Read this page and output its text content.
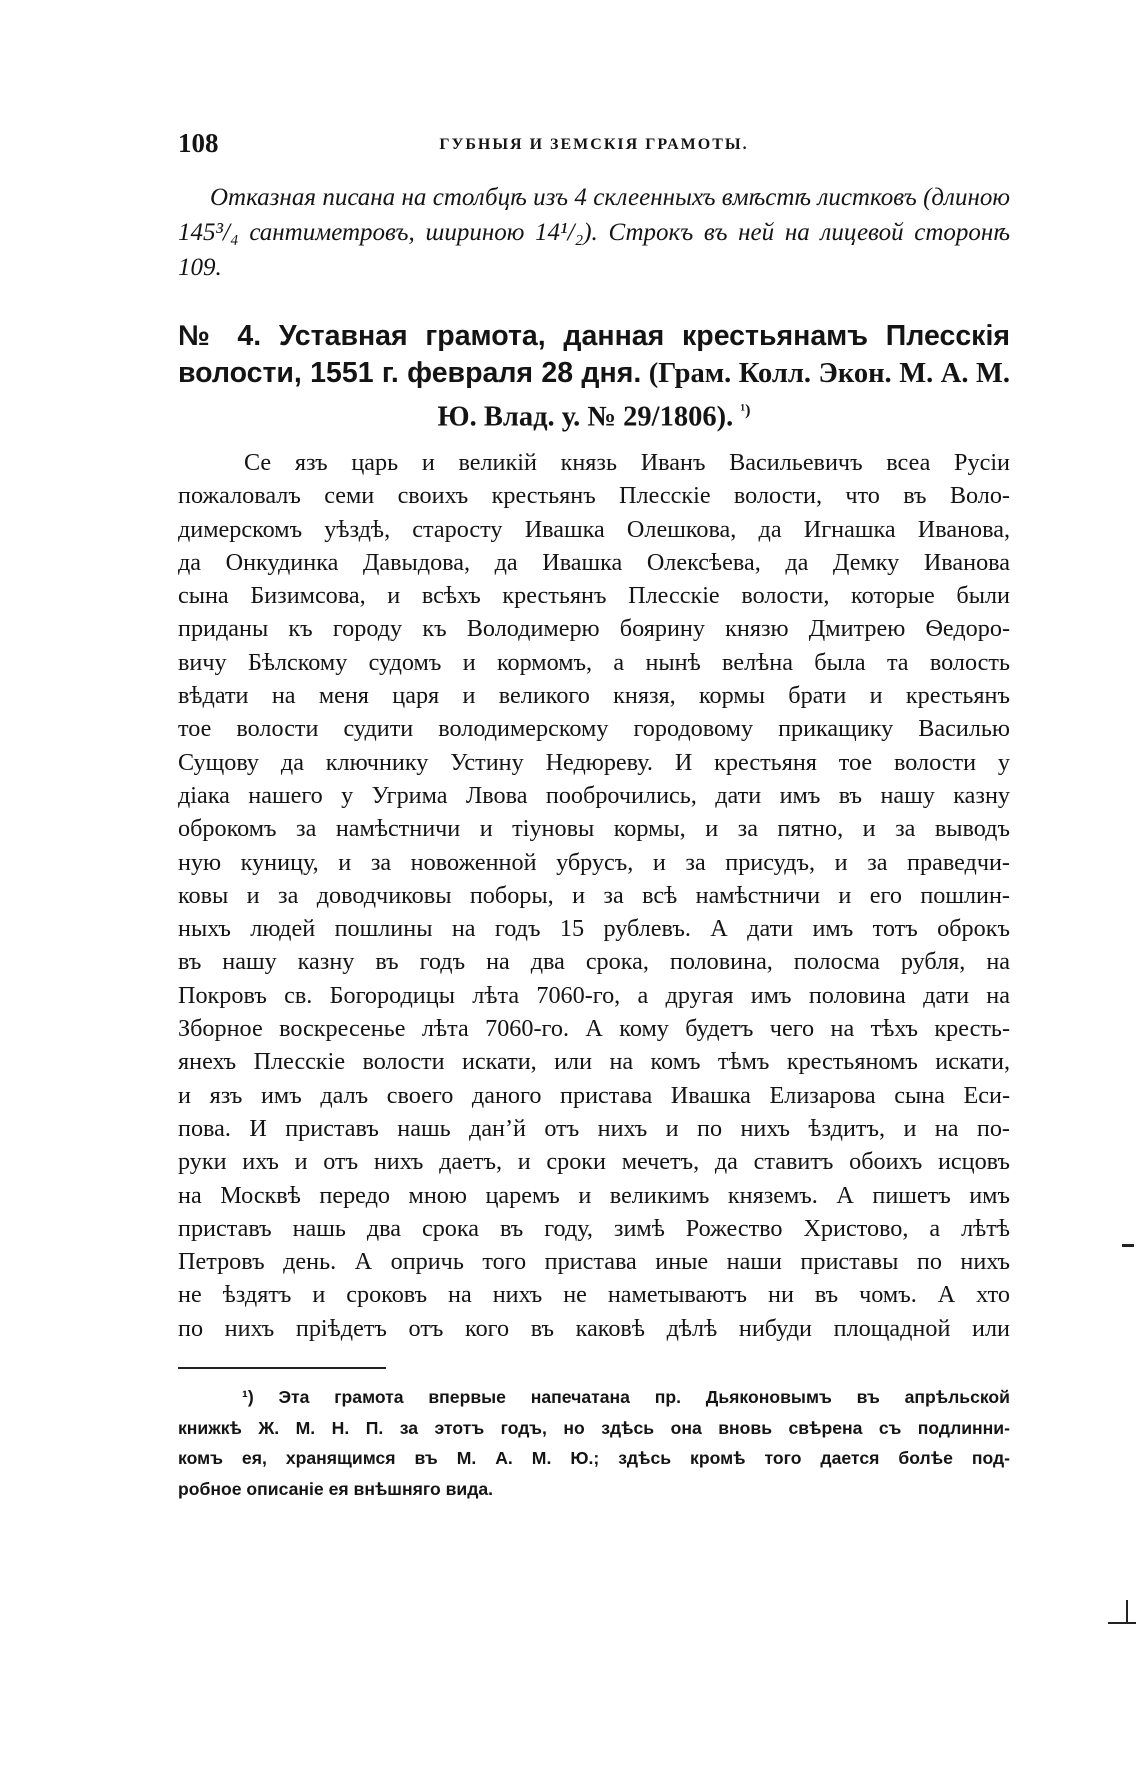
108	ГУБНЫЯ И ЗЕМСКІЯ ГРАМОТЫ.
Отказная писана на столбцѣ изъ 4 склеенныхъ вмѣстѣ листковъ (длиною 145³/₄ сантиметровъ, шириною 14¹/₂). Строкъ въ ней на лицевой сторонѣ 109.
№ 4. Уставная грамота, данная крестьянамъ Плесскія волости, 1551 г. февраля 28 дня. (Грам. Колл. Экон. М. А. М. Ю. Влад. у. № 29/1806). $^{^1)}$
Се язъ царь и великій князь Иванъ Васильевичъ всеа Русіи
пожаловалъ семи своихъ крестьянъ Плесскіе волости, что въ Воло-
димерскомъ уѣздѣ, старосту Ивашка Олешкова, да Игнашка Иванова,
да Онкудинка Давыдова, да Ивашка Олексѣева, да Демку Иванова
сына Бизимсова, и всѣхъ крестьянъ Плесскіе волости, которые были
приданы къ городу къ Володимерю боярину князю Дмитрею Ѳедоро-
вичу Бѣлскому судомъ и кормомъ, а нынѣ велѣна была та волость
вѣдати на меня царя и великого князя, кормы брати и крестьянъ
тое волости судити володимерскому городовому прикащику Василью
Сущову да ключнику Устину Недюреву. И крестьяня тое волости у
діака нашего у Угрима Лвова пооброчились, дати имъ въ нашу казну
оброкомъ за намѣстничи и тіуновы кормы, и за пятно, и за выводъ
ную куницу, и за новоженной убрусъ, и за присудъ, и за праведчи-
ковы и за доводчиковы поборы, и за всѣ намѣстничи и его пошлин-
ныхъ людей пошлины на годъ 15 рублевъ. А дати имъ тотъ оброкъ
въ нашу казну въ годъ на два срока, половина, полосма рубля, на
Покровъ св. Богородицы лѣта 7060-го, а другая имъ половина дати на
Зборное воскресенье лѣта 7060-го. А кому будетъ чего на тѣхъ кресть-
янехъ Плесскіе волости искати, или на комъ тѣмъ крестьяномъ искати,
и язъ имъ далъ своего даного пристава Ивашка Елизарова сына Еси-
пова. И приставъ нашь данʼй отъ нихъ и по нихъ ѣздитъ, и на по-
руки ихъ и отъ нихъ даетъ, и сроки мечетъ, да ставитъ обоихъ исцовъ
на Москвѣ передо мною царемъ и великимъ княземъ. А пишетъ имъ
приставъ нашь два срока въ году, зимѣ Рожество Христово, а лѣтѣ
Петровъ день. А опричь того пристава иные наши приставы по нихъ
не ѣздятъ и сроковъ на нихъ не наметываютъ ни въ чомъ. А хто
по нихъ пріѣдетъ отъ кого въ каковѣ дѣлѣ нибуди площадной или
¹) Эта грамота впервые напечатана пр. Дьяконовымъ въ апрѣльской
книжкѣ Ж. М. Н. П. за этотъ годъ, но здѣсь она вновь свѣрена съ подлинни-
комъ ея, хранящимся въ М. А. М. Ю.; здѣсь кромѣ того дается болѣе под-
робное описаніе ея внѣшняго вида.
